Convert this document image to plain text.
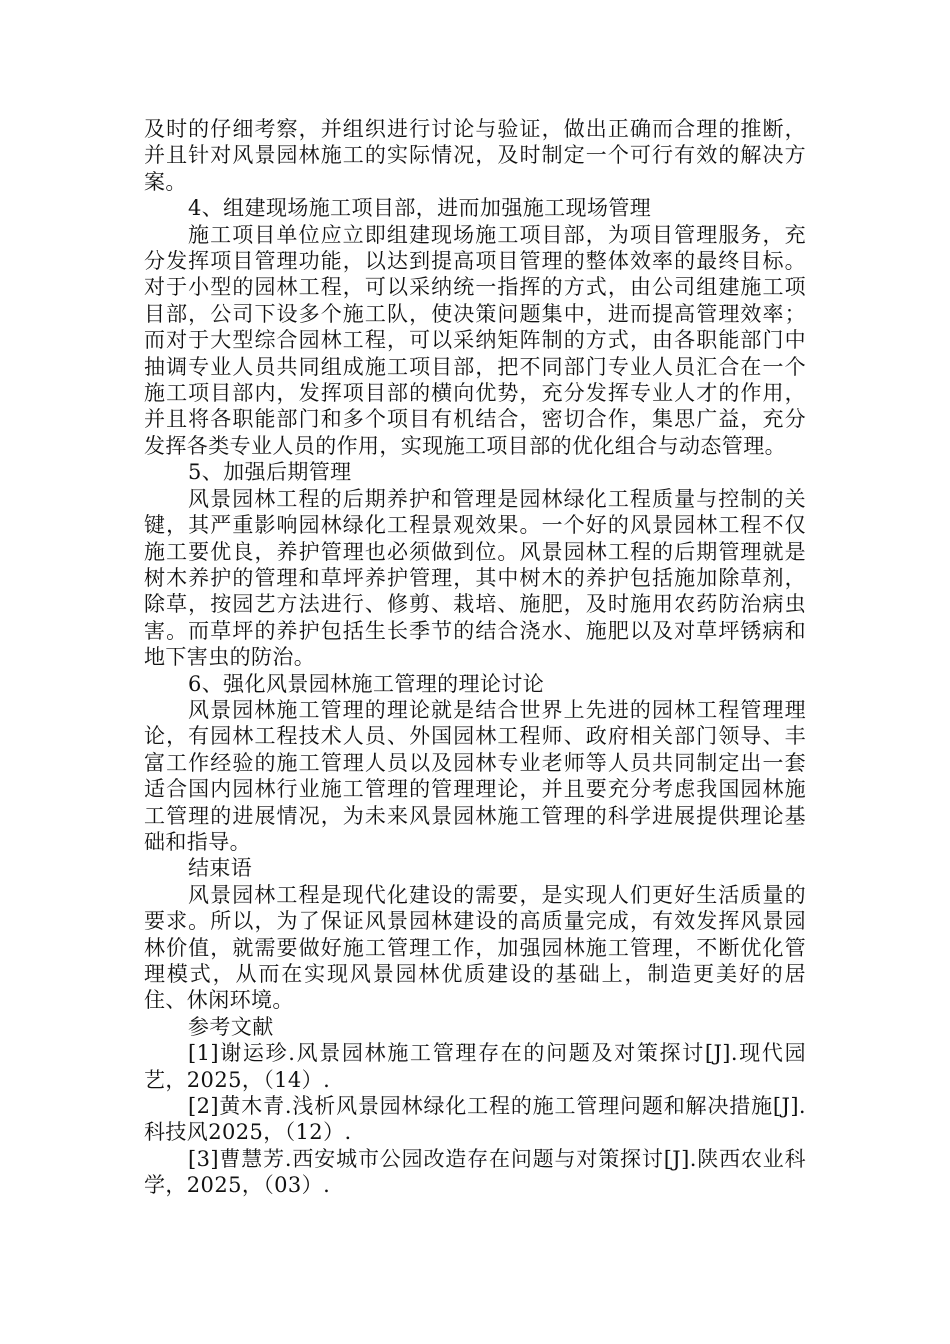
及时的仔细考察，并组织进行讨论与验证，做出正确而合理的推断，并且针对风景园林施工的实际情况，及时制定一个可行有效的解决方案。

4、组建现场施工项目部，进而加强施工现场管理

施工项目单位应立即组建现场施工项目部，为项目管理服务，充分发挥项目管理功能，以达到提高项目管理的整体效率的最终目标。对于小型的园林工程，可以采纳统一指挥的方式，由公司组建施工项目部，公司下设多个施工队，使决策问题集中，进而提高管理效率；而对于大型综合园林工程，可以采纳矩阵制的方式，由各职能部门中抽调专业人员共同组成施工项目部，把不同部门专业人员汇合在一个施工项目部内，发挥项目部的横向优势，充分发挥专业人才的作用，并且将各职能部门和多个项目有机结合，密切合作，集思广益，充分发挥各类专业人员的作用，实现施工项目部的优化组合与动态管理。

5、加强后期管理

风景园林工程的后期养护和管理是园林绿化工程质量与控制的关键，其严重影响园林绿化工程景观效果。一个好的风景园林工程不仅施工要优良，养护管理也必须做到位。风景园林工程的后期管理就是树木养护的管理和草坪养护管理，其中树木的养护包括施加除草剂，除草，按园艺方法进行、修剪、栽培、施肥，及时施用农药防治病虫害。而草坪的养护包括生长季节的结合浇水、施肥以及对草坪锈病和地下害虫的防治。

6、强化风景园林施工管理的理论讨论

风景园林施工管理的理论就是结合世界上先进的园林工程管理理论，有园林工程技术人员、外国园林工程师、政府相关部门领导、丰富工作经验的施工管理人员以及园林专业老师等人员共同制定出一套适合国内园林行业施工管理的管理理论，并且要充分考虑我国园林施工管理的进展情况，为未来风景园林施工管理的科学进展提供理论基础和指导。

结束语

风景园林工程是现代化建设的需要，是实现人们更好生活质量的要求。所以，为了保证风景园林建设的高质量完成，有效发挥风景园林价值，就需要做好施工管理工作，加强园林施工管理，不断优化管理模式，从而在实现风景园林优质建设的基础上，制造更美好的居住、休闲环境。

参考文献

[1]谢运珍.风景园林施工管理存在的问题及对策探讨[J].现代园艺，2025，（14）.

[2]黄木青.浅析风景园林绿化工程的施工管理问题和解决措施[J].科技风2025，（12）.

[3]曹慧芳.西安城市公园改造存在问题与对策探讨[J].陕西农业科学，2025，（03）.
